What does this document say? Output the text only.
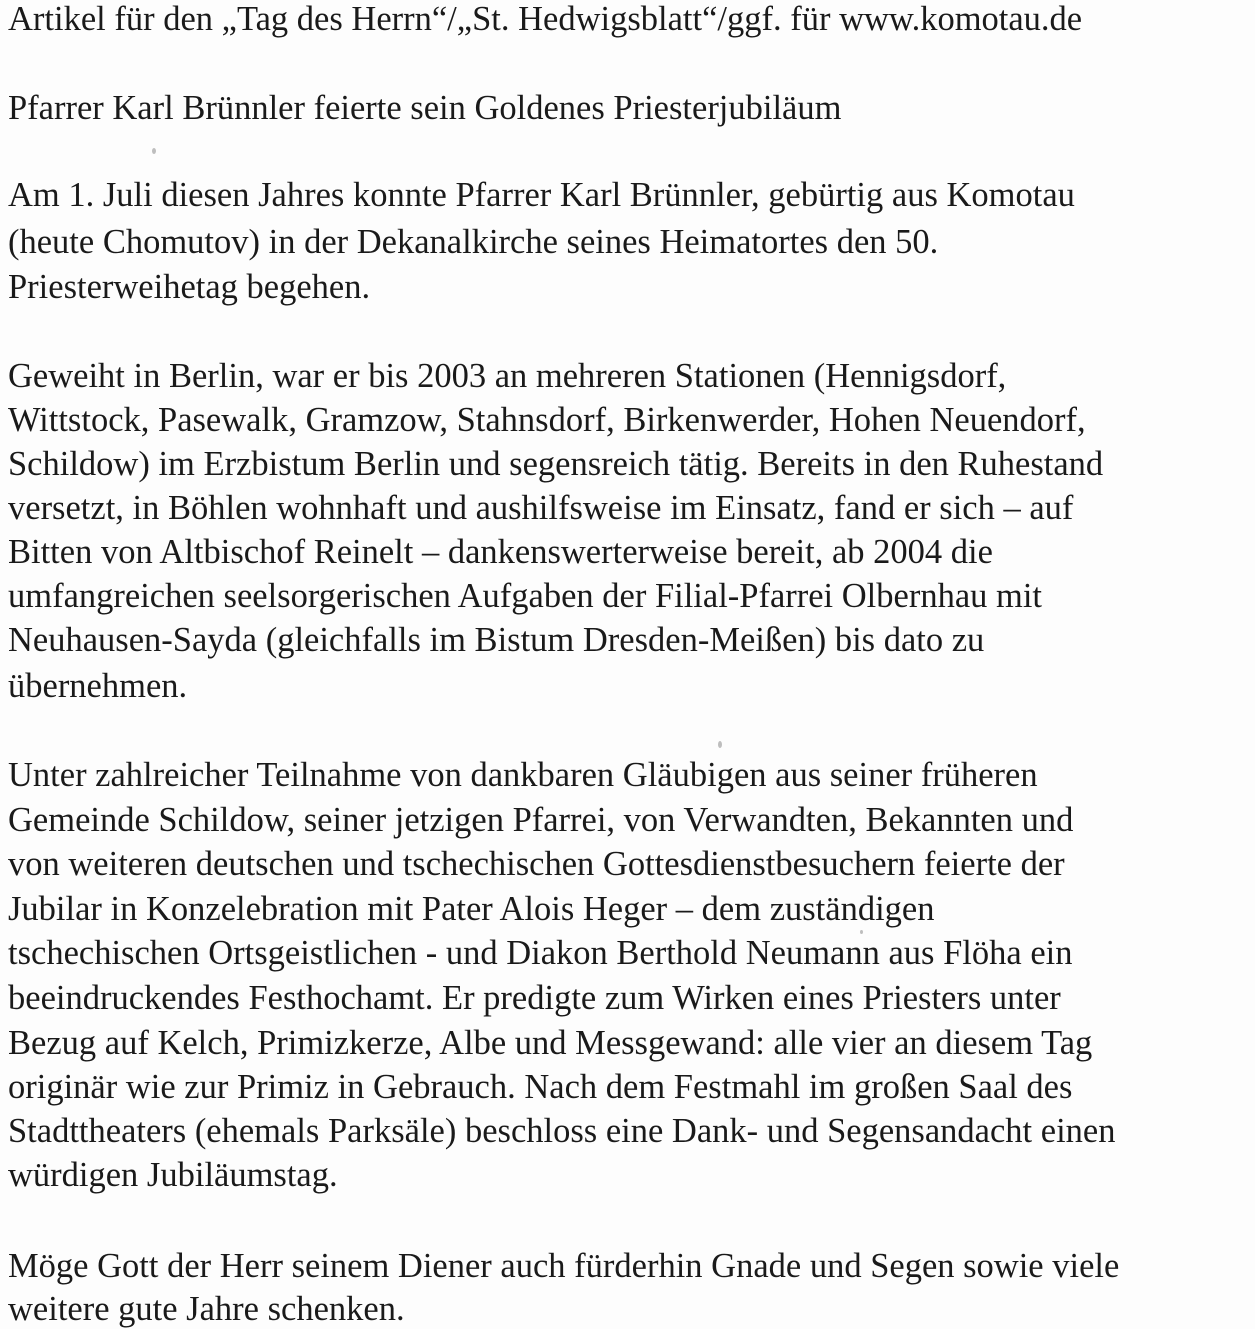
Artikel für den „Tag des Herrn“/„St. Hedwigsblatt“/ggf. für www.komotau.de
Pfarrer Karl Brünnler feierte sein Goldenes Priesterjubiläum
Am 1. Juli diesen Jahres konnte Pfarrer Karl Brünnler, gebürtig aus Komotau
(heute Chomutov) in der Dekanalkirche seines Heimatortes den 50.
Priesterweihetag begehen.
Geweiht in Berlin, war er bis 2003 an mehreren Stationen (Hennigsdorf,
Wittstock, Pasewalk, Gramzow, Stahnsdorf, Birkenwerder, Hohen Neuendorf,
Schildow) im Erzbistum Berlin und segensreich tätig. Bereits in den Ruhestand
versetzt, in Böhlen wohnhaft und aushilfsweise im Einsatz, fand er sich – auf
Bitten von Altbischof Reinelt – dankenswerterweise bereit, ab 2004 die
umfangreichen seelsorgerischen Aufgaben der Filial-Pfarrei Olbernhau mit
Neuhausen-Sayda (gleichfalls im Bistum Dresden-Meißen) bis dato zu
übernehmen.
Unter zahlreicher Teilnahme von dankbaren Gläubigen aus seiner früheren
Gemeinde Schildow, seiner jetzigen Pfarrei, von Verwandten, Bekannten und
von weiteren deutschen und tschechischen Gottesdienstbesuchern feierte der
Jubilar in Konzelebration mit Pater Alois Heger – dem zuständigen
tschechischen Ortsgeistlichen - und Diakon Berthold Neumann aus Flöha ein
beeindruckendes Festhochamt. Er predigte zum Wirken eines Priesters unter
Bezug auf Kelch, Primizkerze, Albe und Messgewand: alle vier an diesem Tag
originär wie zur Primiz in Gebrauch. Nach dem Festmahl im großen Saal des
Stadttheaters (ehemals Parksäle) beschloss eine Dank- und Segensandacht einen
würdigen Jubiläumstag.
Möge Gott der Herr seinem Diener auch fürderhin Gnade und Segen sowie viele
weitere gute Jahre schenken.
